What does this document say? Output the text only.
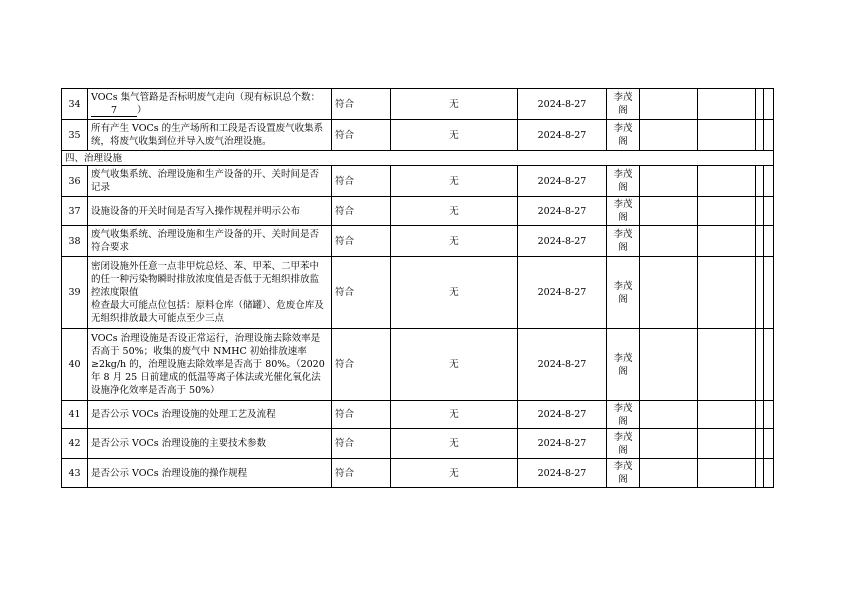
34	VOCs 集气管路是否标明废气走向（现有标识总个数：7 ）	符合	无	2024-8-27	李茂阁				
35	所有产生 VOCs 的生产场所和工段是否设置废气收集系统，将废气收集到位并导入废气治理设施。	符合	无	2024-8-27	李茂阁				
四、治理设施									
36	废气收集系统、治理设施和生产设备的开、关时间是否记录	符合	无	2024-8-27	李茂阁				
37	设施设备的开关时间是否写入操作规程并明示公布	符合	无	2024-8-27	李茂阁				
38	废气收集系统、治理设施和生产设备的开、关时间是否符合要求	符合	无	2024-8-27	李茂阁				
39	密闭设施外任意一点非甲烷总烃、苯、甲苯、二甲苯中的任一种污染物瞬时排放浓度值是否低于无组织排放监控浓度限值
检查最大可能点位包括：原料仓库（储罐）、危废仓库及无组织排放最大可能点至少三点	符合	无	2024-8-27	李茂阁				
40	VOCs 治理设施是否设正常运行，治理设施去除效率是否高于 50%；收集的废气中 NMHC 初始排放速率≥2kg/h 的，治理设施去除效率是否高于 80%。（2020 年 8 月 25 日前建成的低温等离子体法或光催化氧化法设施净化效率是否高于 50%）	符合	无	2024-8-27	李茂阁				
41	是否公示 VOCs 治理设施的处理工艺及流程	符合	无	2024-8-27	李茂阁				
42	是否公示 VOCs 治理设施的主要技术参数	符合	无	2024-8-27	李茂阁				
43	是否公示 VOCs 治理设施的操作规程	符合	无	2024-8-27	李茂阁				
